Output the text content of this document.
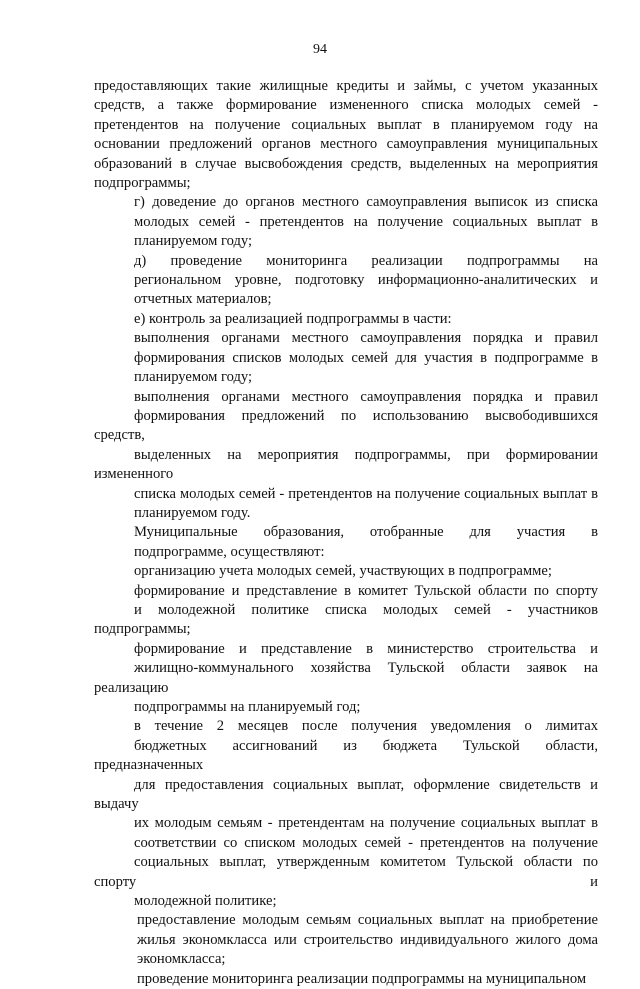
94
предоставляющих такие жилищные кредиты и займы, с учетом указанных
средств, а также формирование измененного списка молодых семей -
претендентов на получение социальных выплат в планируемом году на
основании предложений органов местного самоуправления муниципальных
образований в случае высвобождения средств, выделенных на мероприятия
подпрограммы;
г) доведение до органов местного самоуправления выписок из списка
молодых семей - претендентов на получение социальных выплат в
планируемом году;
д) проведение мониторинга реализации подпрограммы на
региональном уровне, подготовку информационно-аналитических и
отчетных материалов;
е) контроль за реализацией подпрограммы в части:
выполнения органами местного самоуправления порядка и правил
формирования списков молодых семей для участия в подпрограмме в
планируемом году;
выполнения органами местного самоуправления порядка и правил
формирования предложений по использованию высвободившихся средств,
выделенных на мероприятия подпрограммы, при формировании измененного
списка молодых семей - претендентов на получение социальных выплат в
планируемом году.
Муниципальные образования, отобранные для участия в
подпрограмме, осуществляют:
организацию учета молодых семей, участвующих в подпрограмме;
формирование и представление в комитет Тульской области по спорту
и молодежной политике списка молодых семей - участников подпрограммы;
формирование и представление в министерство строительства и
жилищно-коммунального хозяйства Тульской области заявок на реализацию
подпрограммы на планируемый год;
в течение 2 месяцев после получения уведомления о лимитах
бюджетных ассигнований из бюджета Тульской области, предназначенных
для предоставления социальных выплат, оформление свидетельств и выдачу
их молодым семьям - претендентам на получение социальных выплат в
соответствии со списком молодых семей - претендентов на получение
социальных выплат, утвержденным комитетом Тульской области по спорту и
молодежной политике;
предоставление молодым семьям социальных выплат на приобретение
жилья экономкласса или строительство индивидуального жилого дома
экономкласса;
проведение мониторинга реализации подпрограммы на муниципальном
